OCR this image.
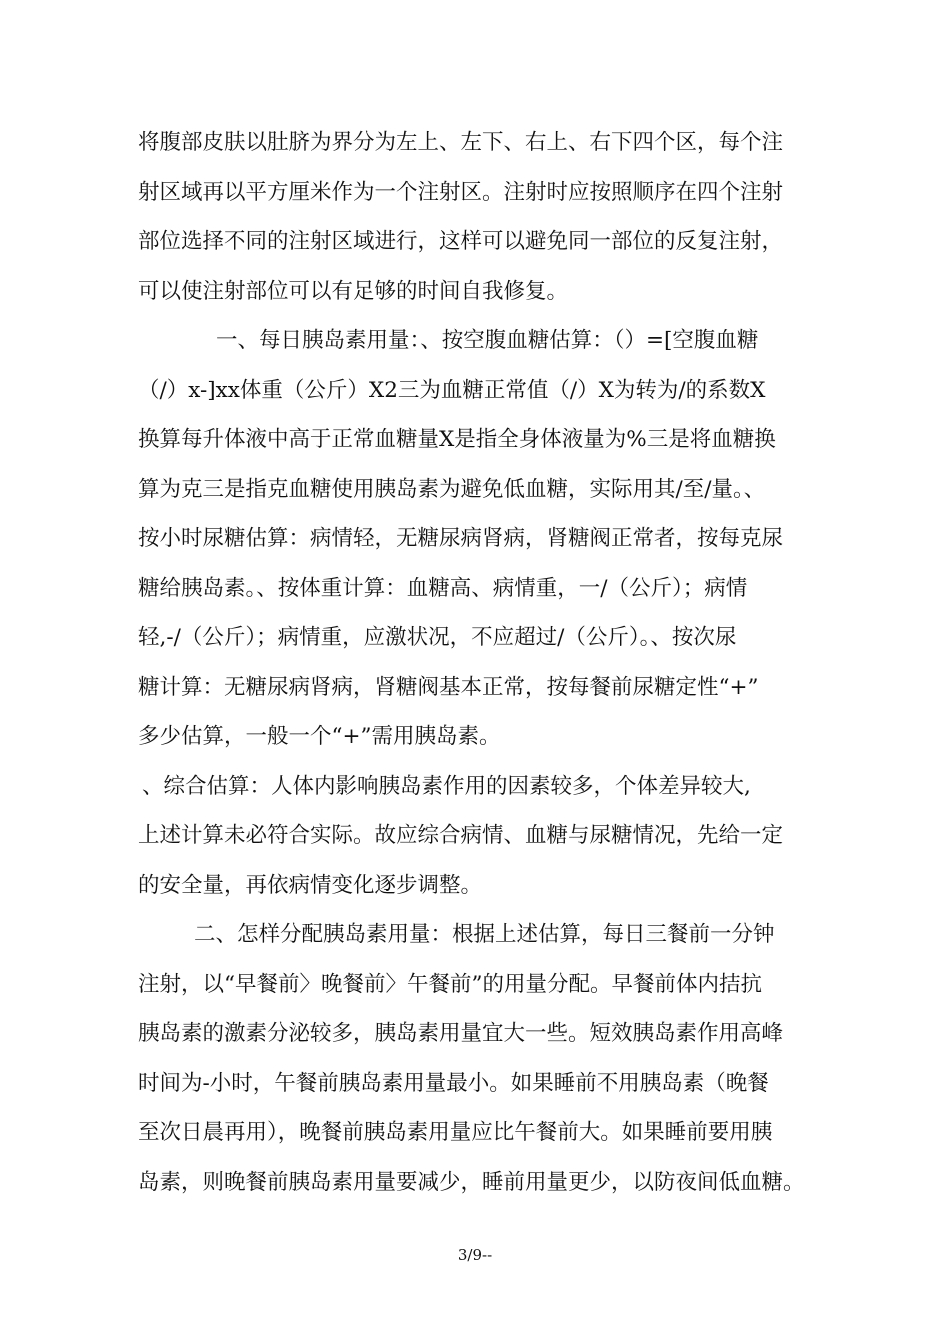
将腹部皮肤以肚脐为界分为左上、左下、右上、右下四个区，每个注
射区域再以平方厘米作为一个注射区。注射时应按照顺序在四个注射
部位选择不同的注射区域进行，这样可以避免同一部位的反复注射，
可以使注射部位可以有足够的时间自我修复。
一、每日胰岛素用量：、按空腹血糖估算：（）=[空腹血糖
（/）x-]xx体重（公斤）X2三为血糖正常值（/）X为转为/的系数X
换算每升体液中高于正常血糖量X是指全身体液量为%三是将血糖换
算为克三是指克血糖使用胰岛素为避免低血糖，实际用其/至/量。、
按小时尿糖估算：病情轻，无糖尿病肾病，肾糖阀正常者，按每克尿
糖给胰岛素。、按体重计算：血糖高、病情重，一/（公斤）；病情
轻,-/（公斤）；病情重，应激状况，不应超过/（公斤）。、按次尿
糖计算：无糖尿病肾病，肾糖阀基本正常，按每餐前尿糖定性“+”
多少估算，一般一个“+”需用胰岛素。
、综合估算：人体内影响胰岛素作用的因素较多，个体差异较大,
上述计算未必符合实际。故应综合病情、血糖与尿糖情况，先给一定
的安全量，再依病情变化逐步调整。
二、怎样分配胰岛素用量：根据上述估算，每日三餐前一分钟
注射，以“早餐前〉晚餐前〉午餐前”的用量分配。早餐前体内拮抗
胰岛素的激素分泌较多，胰岛素用量宜大一些。短效胰岛素作用高峰
时间为-小时，午餐前胰岛素用量最小。如果睡前不用胰岛素（晚餐
至次日晨再用），晚餐前胰岛素用量应比午餐前大。如果睡前要用胰
岛素，则晚餐前胰岛素用量要减少，睡前用量更少，以防夜间低血糖。
3/9--
